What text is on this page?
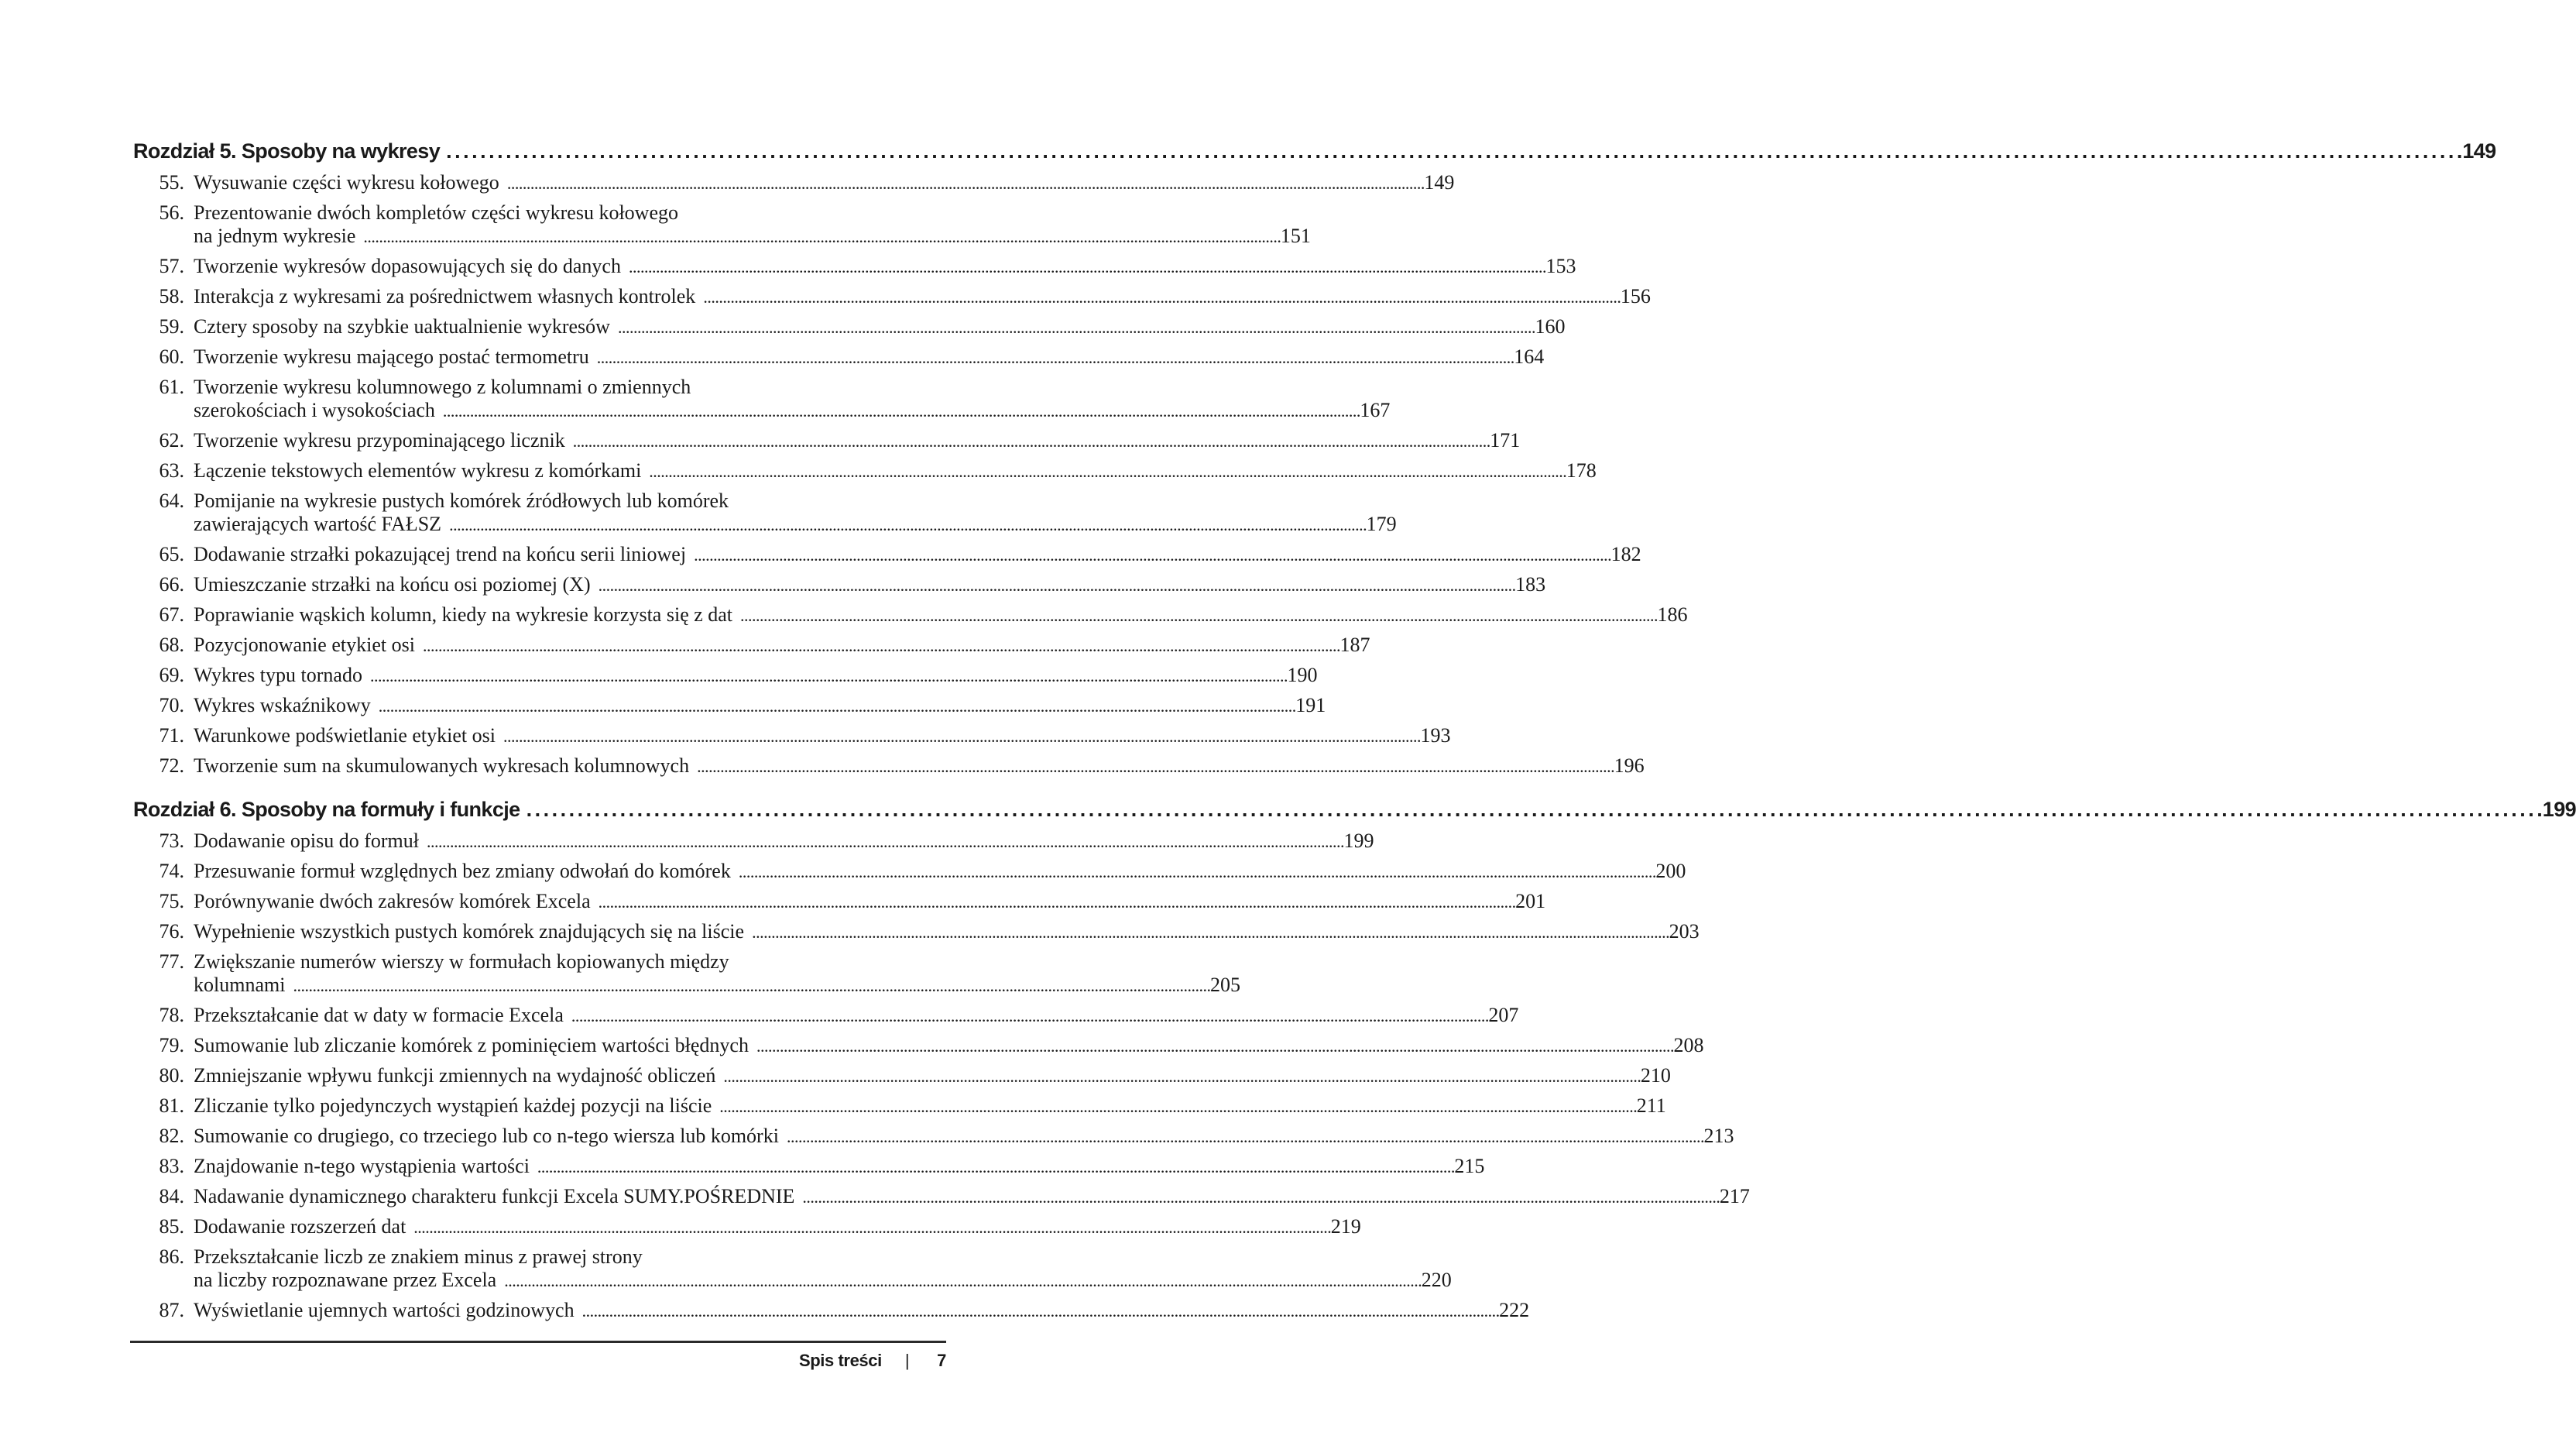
Rozdział 5. Sposoby na wykresy . . .	149
55. Wysuwanie części wykresu kołowego . . .	149
56. Prezentowanie dwóch kompletów części wykresu kołowego
na jednym wykresie . . .	151
57. Tworzenie wykresów dopasowujących się do danych . . .	153
58. Interakcja z wykresami za pośrednictwem własnych kontrolek . . .	156
59. Cztery sposoby na szybkie uaktualnienie wykresów . . .	160
60. Tworzenie wykresu mającego postać termometru . . .	164
61. Tworzenie wykresu kolumnowego z kolumnami o zmiennych
szerokościach i wysokościach . . .	167
62. Tworzenie wykresu przypominającego licznik . . .	171
63. Łączenie tekstowych elementów wykresu z komórkami . . .	178
64. Pomijanie na wykresie pustych komórek źródłowych lub komórek
zawierających wartość FAŁSZ . . .	179
65. Dodawanie strzałki pokazującej trend na końcu serii liniowej . . .	182
66. Umieszczanie strzałki na końcu osi poziomej (X) . . .	183
67. Poprawianie wąskich kolumn, kiedy na wykresie korzysta się z dat . . .	186
68. Pozycjonowanie etykiet osi . . .	187
69. Wykres typu tornado . . .	190
70. Wykres wskaźnikowy . . .	191
71. Warunkowe podświetlanie etykiet osi . . .	193
72. Tworzenie sum na skumulowanych wykresach kolumnowych . . .	196
Rozdział 6. Sposoby na formuły i funkcje . . .	199
73. Dodawanie opisu do formuł . . .	199
74. Przesuwanie formuł względnych bez zmiany odwołań do komórek . . .	200
75. Porównywanie dwóch zakresów komórek Excela . . .	201
76. Wypełnienie wszystkich pustych komórek znajdujących się na liście . . .	203
77. Zwiększanie numerów wierszy w formułach kopiowanych między
kolumnami . . .	205
78. Przekształcanie dat w daty w formacie Excela . . .	207
79. Sumowanie lub zliczanie komórek z pominięciem wartości błędnych . . .	208
80. Zmniejszanie wpływu funkcji zmiennych na wydajność obliczeń . . .	210
81. Zliczanie tylko pojedynczych wystąpień każdej pozycji na liście . . .	211
82. Sumowanie co drugiego, co trzeciego lub co n-tego wiersza lub komórki . . .	213
83. Znajdowanie n-tego wystąpienia wartości . . .	215
84. Nadawanie dynamicznego charakteru funkcji Excela SUMY.POŚREDNIE . . .	217
85. Dodawanie rozszerzeń dat . . .	219
86. Przekształcanie liczb ze znakiem minus z prawej strony
na liczby rozpoznawane przez Excela . . .	220
87. Wyświetlanie ujemnych wartości godzinowych . . .	222
Spis treści | 7
